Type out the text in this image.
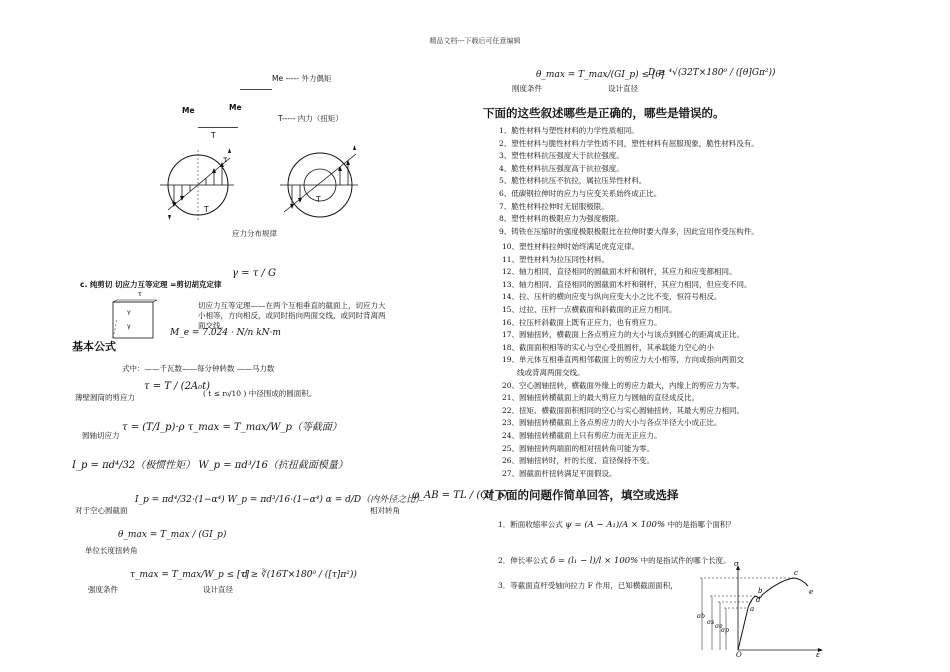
精品文档---下载后可任意编辑
Me ----- 外力偶矩
Me	Me
T----- 内力（扭矩）
T
T
τ
T
应力分布规律
c. 纯剪切 切应力互等定理 =剪切胡克定律
γ = τ / G
Y
γ
τ
切应力互等定理——在两个互相垂直的截面上，切应力大小相等，方向相反，或同时指向两面交线，或同时背离两面交线。
M_e = 7.024 · N/n kN·m
基本公式
式中：——千瓦数——每分钟转数 ——马力数
薄壁圆筒的剪应力
τ = T / (2A₀t)
( t ≤ r₀/10 ) 中径围成的圆面积。
圆轴切应力
τ = (T/I_p)·ρ τ_max = T_max/W_p（等截面）
I_p = πd⁴/32（极惯性矩） W_p = πd³/16（抗扭截面模量）
对于空心圆截面
I_p = πd⁴/32·(1−α⁴) W_p = πd³/16·(1−α⁴) α = d/D（内外径之比）
相对转角
φ_AB = TL / (GI_p)
θ_max = T_max / (GI_p)
单位长度扭转角
τ_max = T_max/W_p ≤ [τ]
强度条件	设计直径
d ≥ ∛(16T×180⁰ / ([τ]π²))
θ_max = T_max/(GI_p) ≤ [θ]
刚度条件	设计直径
D ≥ ⁴√(32T×180⁰ / ([θ]Gπ²))
下面的这些叙述哪些是正确的，哪些是错误的。
1、脆性材料与塑性材料的力学性质相同。
2、塑性材料与脆性材料力学性质不同，塑性材料有屈服现象，脆性材料没有。
3、塑性材料抗压强度大于抗拉强度。
4、脆性材料抗压强度高于抗拉强度。
5、脆性材料抗压不抗拉，属拉压异性材料。
6、低碳钢拉伸时的应力与应变关系始终成正比。
7、脆性材料拉伸时无屈服极限。
8、塑性材料的极限应力为强度极限。
9、铸铁在压缩时的强度极限极限比在拉伸时要大得多，因此宜用作受压构件。
10、塑性材料拉伸时始终满足虎克定律。
11、塑性材料为拉压同性材料。
12、轴力相同，直径相同的圆截面木杆和钢杆，其应力和应变都相同。
13、轴力相同、直径相同的圆截面木杆和钢杆，其应力相同，但应变不同。
14、拉、压杆的横向应变与纵向应变大小之比不变，恒符号相反。
15、过拉、压杆一点横截面和斜截面的正应力相同。
16、拉压杆斜截面上既有正应力，也有剪应力。
17、圆轴扭转，横截面上各点剪应力的大小与该点到圆心的距离成正比。
18、截面面积相等的实心与空心受扭圆杆，其承载能力空心的小
19、单元体互相垂直两相邻截面上的剪应力大小相等，方向或指向两面交
线或背离两面交线。
20、空心圆轴扭转，横截面外缘上的剪应力最大，内缘上的剪应力为零。
21、圆轴扭转横截面上的最大剪应力与圆轴的直径成反比。
22、扭矩、横截面面积相同的空心与实心圆轴扭转，其最大剪应力相同。
23、圆轴扭转横截面上各点剪应力的大小与各点半径大小成正比。
24、圆轴扭转横截面上只有剪应力而无正应力。
25、圆轴扭转两端面的相对扭转角可能为零。
26、圆轴扭转时，杆的长度、直径保持不变。
27、圆截面杆扭转满足平面假设。
对下面的问题作简单回答，填空或选择
1．断面收缩率公式 ψ = (A − A₁)/A × 100% 中的是指哪个面积？
2．伸长率公式 δ = (l₁ − l)/l × 100% 中的是指试件的哪个长度。
3．等截面直杆受轴向拉力 F 作用，已知横截面面积，
σb
σs
σe
σp
σ
ε
O
a
b
c
d
e
